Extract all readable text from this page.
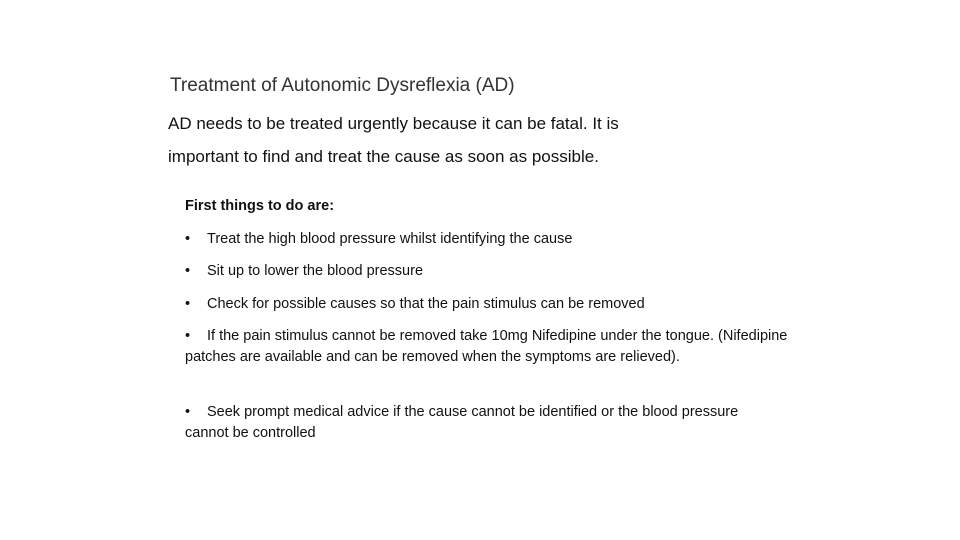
Treatment of Autonomic Dysreflexia (AD)
AD needs to be treated urgently because it can be fatal. It is
important to find and treat the cause as soon as possible.
First things to do are:
• Treat the high blood pressure whilst identifying the cause
• Sit up to lower the blood pressure
• Check for possible causes so that the pain stimulus can be removed
• If the pain stimulus cannot be removed take 10mg Nifedipine under the tongue. (Nifedipine patches are available and can be removed when the symptoms are relieved).
• Seek prompt medical advice if the cause cannot be identified or the blood pressure cannot be controlled
